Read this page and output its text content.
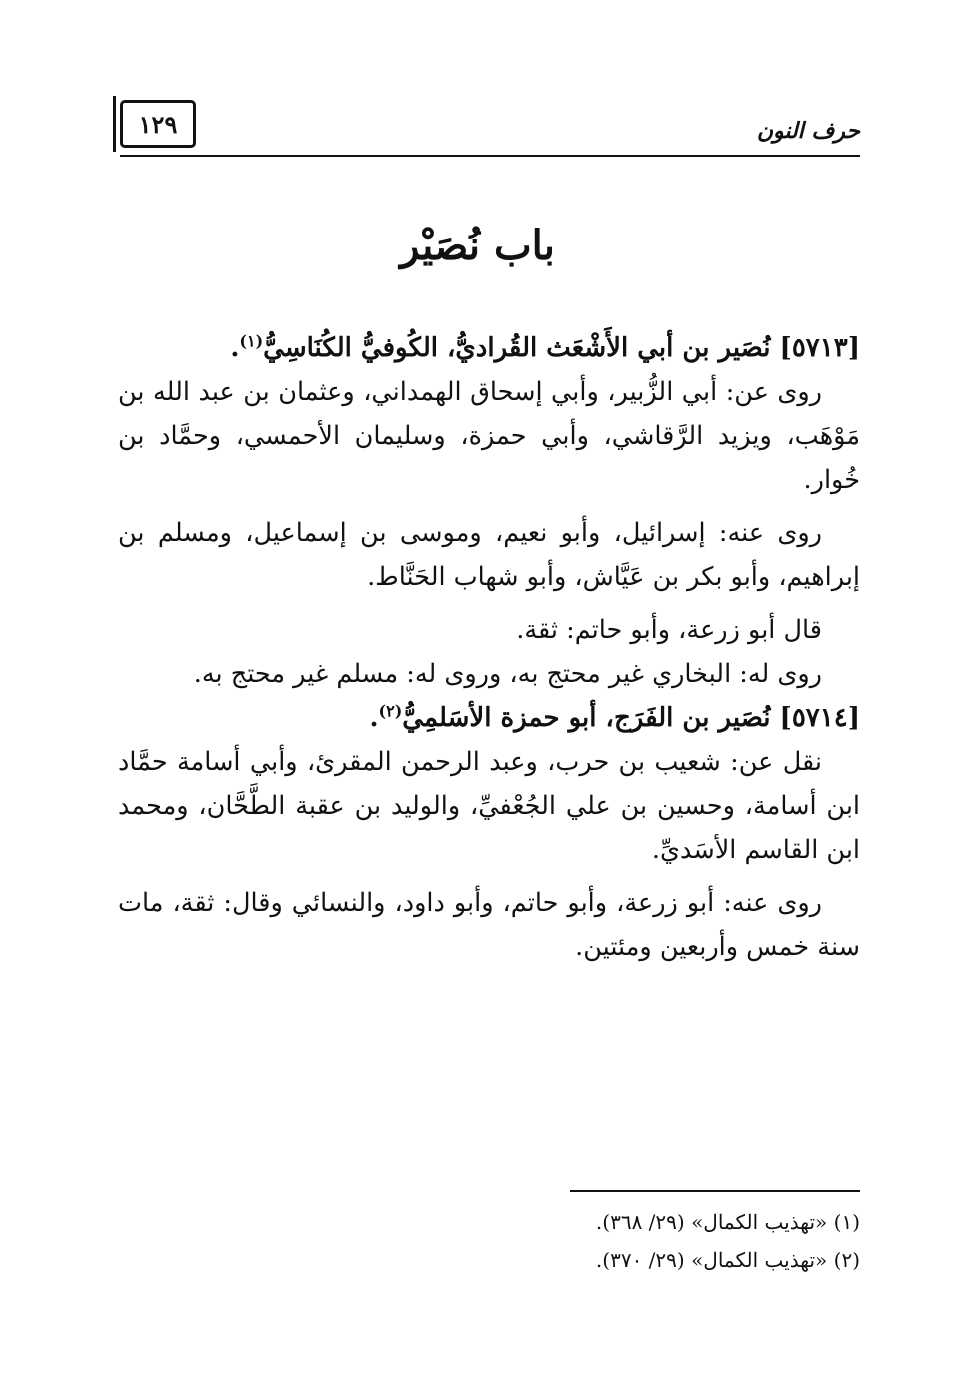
١٢٩	حرف النون
باب نُصَيْر

[٥٧١٣] نُصَير بن أبي الأَشْعَث القُراديُّ، الكُوفيُّ الكُنَاسِيُّ$^{(١)}$.

روى عن: أبي الزُّبير، وأبي إسحاق الهمداني، وعثمان بن عبد الله بن مَوْهَب، ويزيد الرَّقاشي، وأبي حمزة، وسليمان الأحمسي، وحمَّاد بن خُوار.

روى عنه: إسرائيل، وأبو نعيم، وموسى بن إسماعيل، ومسلم بن إبراهيم، وأبو بكر بن عَيَّاش، وأبو شهاب الحَنَّاط.

قال أبو زرعة، وأبو حاتم: ثقة.

روى له: البخاري غير محتج به، وروى له: مسلم غير محتج به.

[٥٧١٤] نُصَير بن الفَرَج، أبو حمزة الأسَلمِيُّ$^{(٢)}$.

نقل عن: شعيب بن حرب، وعبد الرحمن المقرئ، وأبي أسامة حمَّاد ابن أسامة، وحسين بن علي الجُعْفيِّ، والوليد بن عقبة الطَّحَّان، ومحمد ابن القاسم الأسَديِّ.

روى عنه: أبو زرعة، وأبو حاتم، وأبو داود، والنسائي وقال: ثقة، مات سنة خمس وأربعين ومئتين.

(١) «تهذيب الكمال» (٢٩/ ٣٦٨).

(٢) «تهذيب الكمال» (٢٩/ ٣٧٠).
